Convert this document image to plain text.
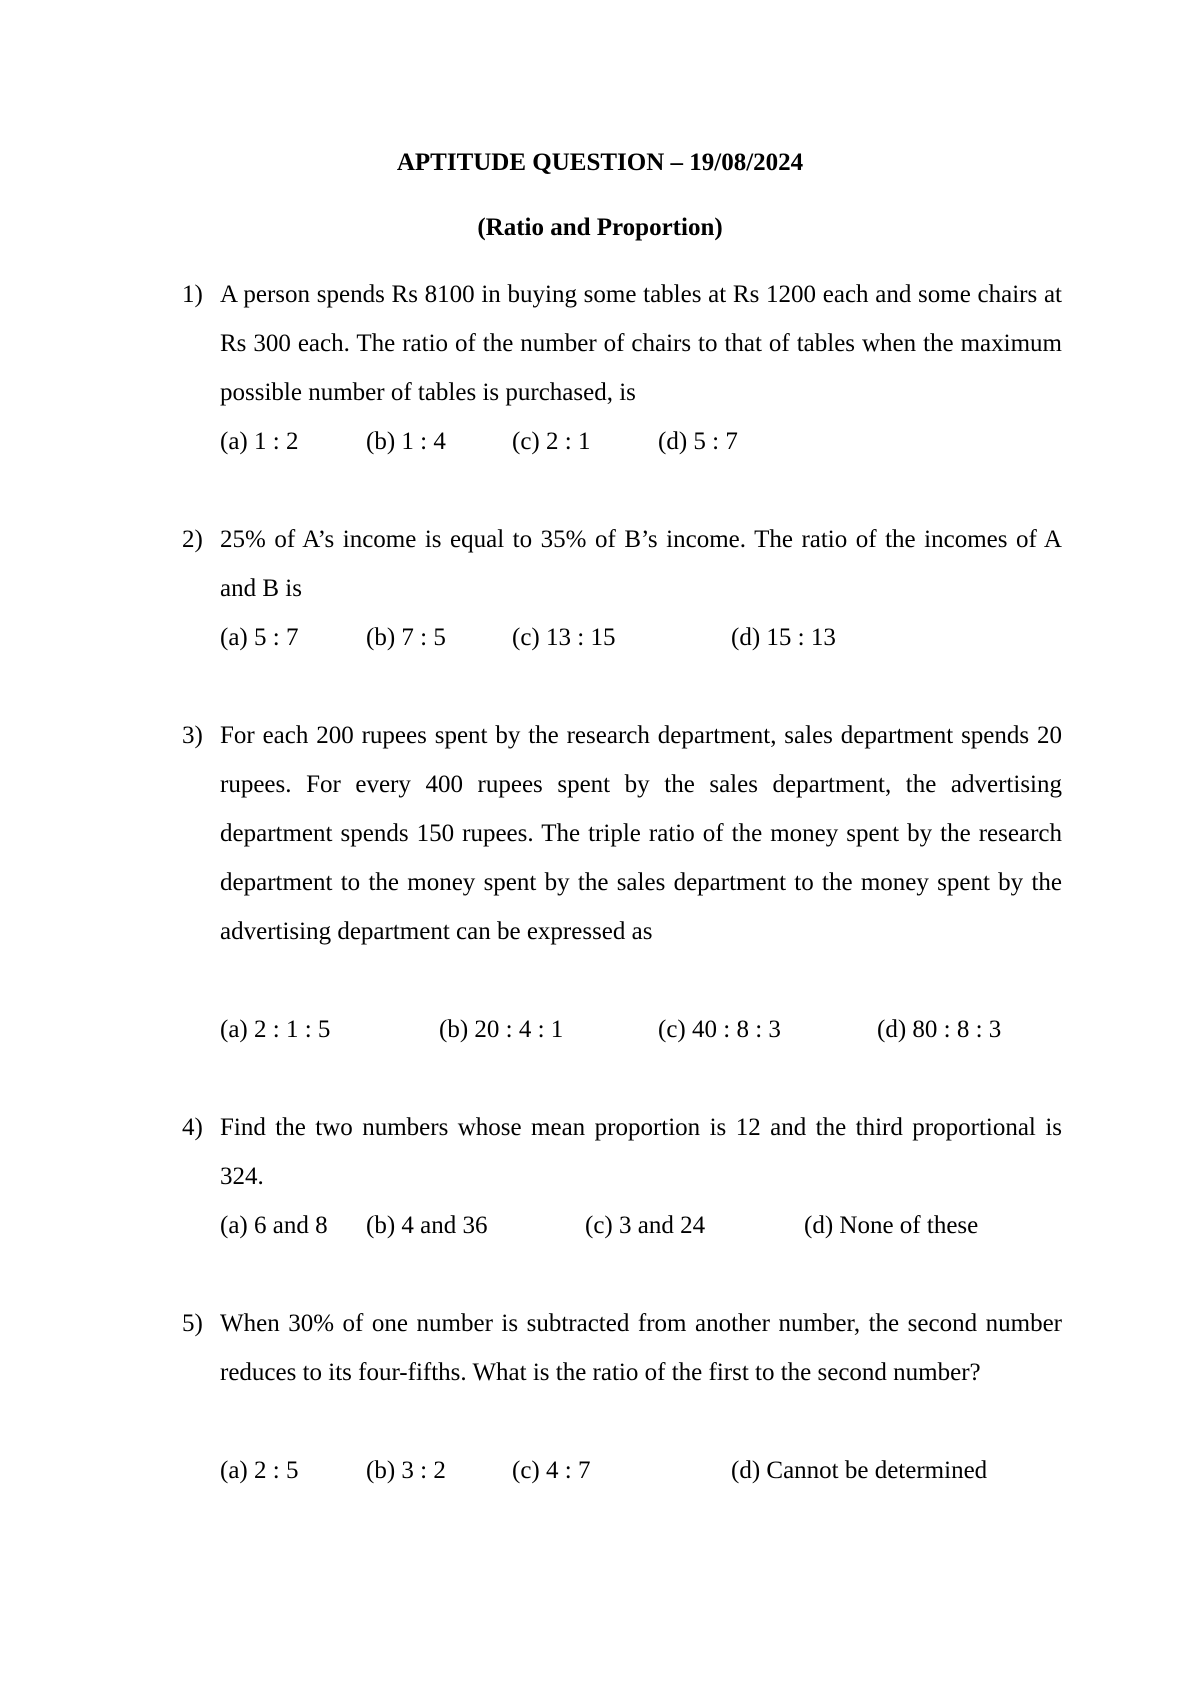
APTITUDE QUESTION – 19/08/2024
(Ratio and Proportion)
1) A person spends Rs 8100 in buying some tables at Rs 1200 each and some chairs at Rs 300 each. The ratio of the number of chairs to that of tables when the maximum possible number of tables is purchased, is
(a) 1 : 2	(b) 1 : 4	(c) 2 : 1	(d) 5 : 7
2) 25% of A’s income is equal to 35% of B’s income. The ratio of the incomes of A and B is
(a) 5 : 7	(b) 7 : 5	(c) 13 : 15	(d) 15 : 13
3) For each 200 rupees spent by the research department, sales department spends 20 rupees. For every 400 rupees spent by the sales department, the advertising department spends 150 rupees. The triple ratio of the money spent by the research department to the money spent by the sales department to the money spent by the advertising department can be expressed as
(a) 2 : 1 : 5	(b) 20 : 4 : 1	(c) 40 : 8 : 3	(d) 80 : 8 : 3
4) Find the two numbers whose mean proportion is 12 and the third proportional is 324.
(a) 6 and 8 (b) 4 and 36	(c) 3 and 24	(d) None of these
5) When 30% of one number is subtracted from another number, the second number reduces to its four-fifths. What is the ratio of the first to the second number?
(a) 2 : 5	(b) 3 : 2	(c) 4 : 7	(d) Cannot be determined
